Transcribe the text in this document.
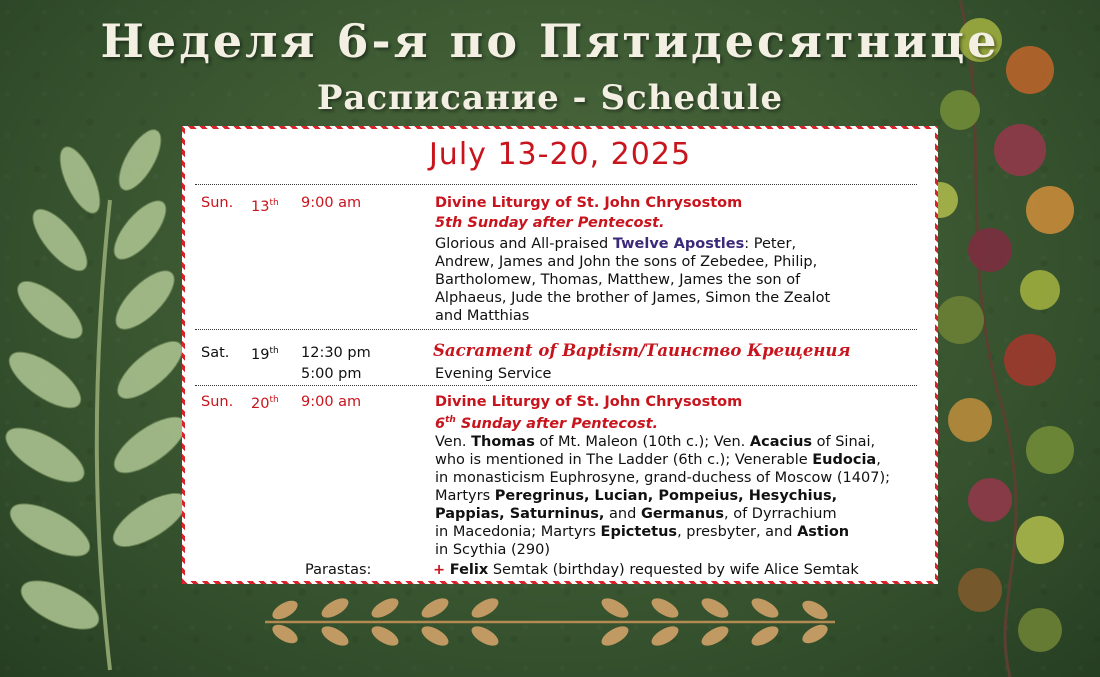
Неделя 6-я по Пятидесятнице
Расписание - Schedule
July 13-20, 2025
Sun. 13th 9:00 am	Divine Liturgy of St. John Chrysostom
5th Sunday after Pentecost.
Glorious and All-praised Twelve Apostles: Peter,
Andrew, James and John the sons of Zebedee, Philip,
Bartholomew, Thomas, Matthew, James the son of
Alphaeus, Jude the brother of James, Simon the Zealot
and Matthias
Sat. 19th 12:30 pm	Sacrament of Baptism/Таинство Крещения
5:00 pm	Evening Service
Sun. 20th 9:00 am	Divine Liturgy of St. John Chrysostom
6th Sunday after Pentecost.
Ven. Thomas of Mt. Maleon (10th c.); Ven. Acacius of Sinai,
who is mentioned in The Ladder (6th c.); Venerable Eudocia,
in monasticism Euphrosyne, grand-duchess of Moscow (1407);
Martyrs Peregrinus, Lucian, Pompeius, Hesychius,
Pappias, Saturninus, and Germanus, of Dyrrachium
in Macedonia; Martyrs Epictetus, presbyter, and Astion
in Scythia (290)
Parastas:	+ Felix Semtak (birthday) requested by wife Alice Semtak
